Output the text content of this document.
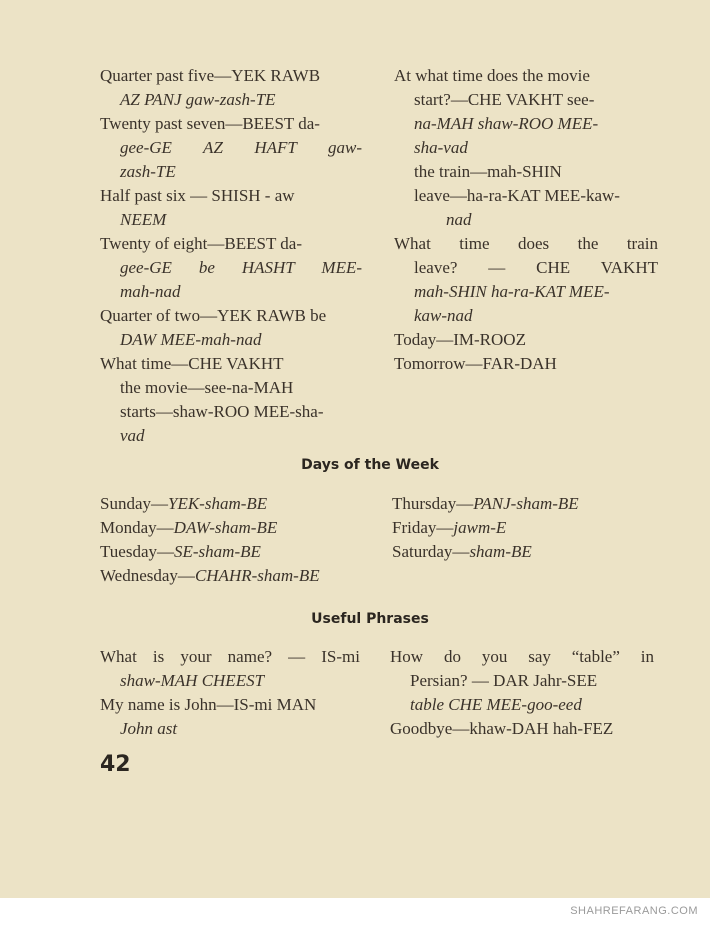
Quarter past five—YEK RAWB
AZ PANJ gaw-zash-TE

Twenty past seven—BEEST da-
gee-GE AZ HAFT gaw-
zash-TE

Half past six — SHISH - aw
NEEM

Twenty of eight—BEEST da-
gee-GE be HASHT MEE-
mah-nad

Quarter of two—YEK RAWB be
DAW MEE-mah-nad

What time—CHE VAKHT

the movie—see-na-MAH

starts—shaw-ROO MEE-sha-
vad

At what time does the movie
start?—CHE VAKHT see-
na-MAH shaw-ROO MEE-
sha-vad

the train—mah-SHIN

leave—ha-ra-KAT MEE-kaw-
nad

What time does the train
leave? — CHE VAKHT
mah-SHIN ha-ra-KAT MEE-
kaw-nad

Today—IM-ROOZ

Tomorrow—FAR-DAH

Days of the Week

Sunday—YEK-sham-BE

Monday—DAW-sham-BE

Tuesday—SE-sham-BE

Wednesday—CHAHR-sham-BE

Thursday—PANJ-sham-BE

Friday—jawm-E

Saturday—sham-BE

Useful Phrases

What is your name? — IS-mi
shaw-MAH CHEEST

My name is John—IS-mi MAN
John ast

How do you say “table” in
Persian? — DAR Jahr-SEE
table CHE MEE-goo-eed

Goodbye—khaw-DAH hah-FEZ

42
SHAHREFARANG.COM
